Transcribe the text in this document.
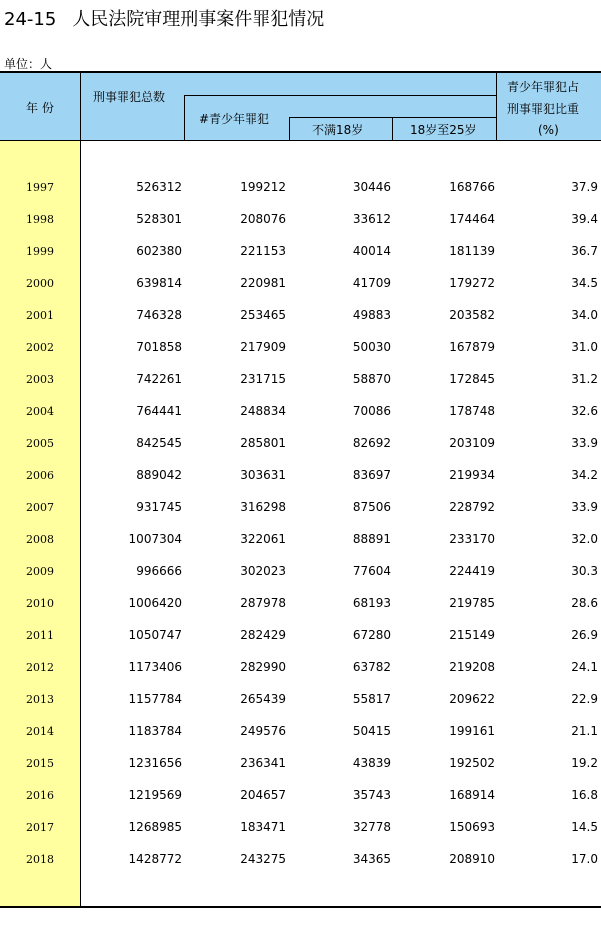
24-15 人民法院审理刑事案件罪犯情况
单位：人
年 份
刑事罪犯总数
#青少年罪犯
不满18岁	18岁至25岁
青少年罪犯占
刑事罪犯比重
(%)
1997	526312	199212	30446	168766	37.9
1998	528301	208076	33612	174464	39.4
1999	602380	221153	40014	181139	36.7
2000	639814	220981	41709	179272	34.5
2001	746328	253465	49883	203582	34.0
2002	701858	217909	50030	167879	31.0
2003	742261	231715	58870	172845	31.2
2004	764441	248834	70086	178748	32.6
2005	842545	285801	82692	203109	33.9
2006	889042	303631	83697	219934	34.2
2007	931745	316298	87506	228792	33.9
2008	1007304	322061	88891	233170	32.0
2009	996666	302023	77604	224419	30.3
2010	1006420	287978	68193	219785	28.6
2011	1050747	282429	67280	215149	26.9
2012	1173406	282990	63782	219208	24.1
2013	1157784	265439	55817	209622	22.9
2014	1183784	249576	50415	199161	21.1
2015	1231656	236341	43839	192502	19.2
2016	1219569	204657	35743	168914	16.8
2017	1268985	183471	32778	150693	14.5
2018	1428772	243275	34365	208910	17.0
